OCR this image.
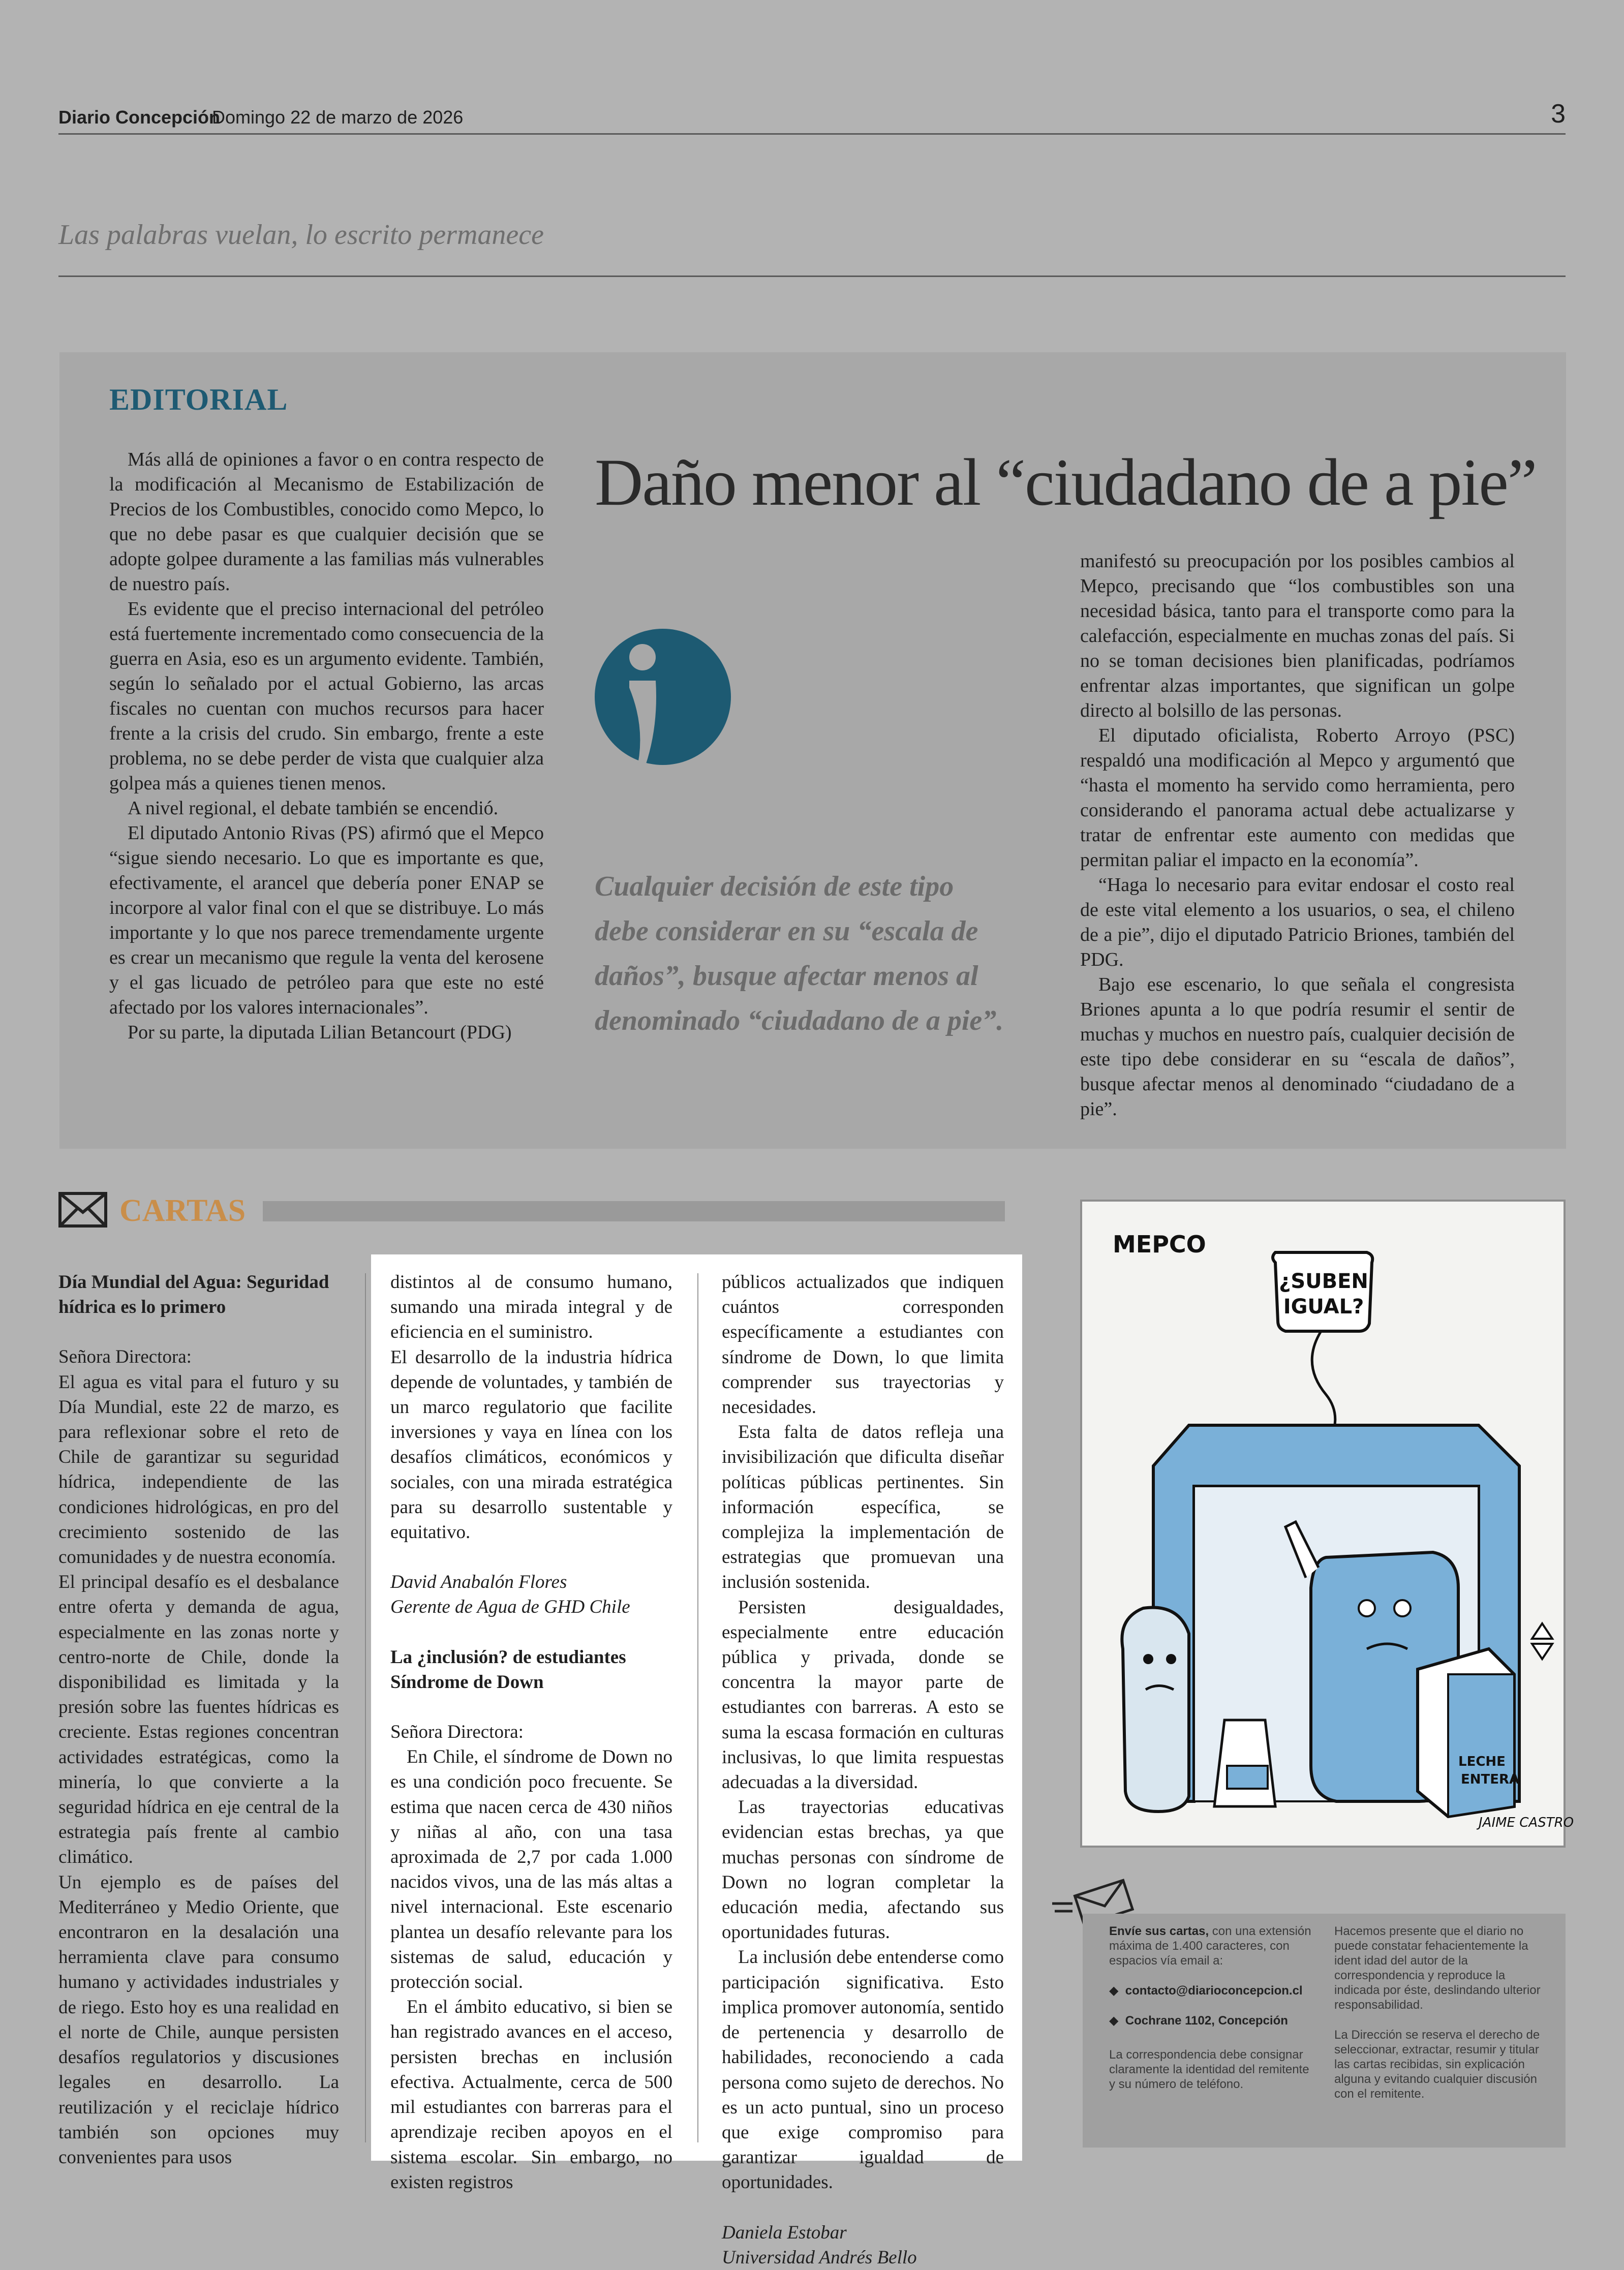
Diario Concepción
Domingo 22 de marzo de 2026	3
Las palabras vuelan, lo escrito permanece
EDITORIAL
Daño menor al “ciudadano de a pie”

Más allá de opiniones a favor o en contra respecto de la modificación al Mecanismo de Estabilización de Precios de los Combustibles, conocido como Mepco, lo que no debe pasar es que cualquier decisión que se adopte golpee duramente a las familias más vulnerables de nuestro país.

Es evidente que el preciso internacional del petróleo está fuertemente incrementado como consecuencia de la guerra en Asia, eso es un argumento evidente. También, según lo señalado por el actual Gobierno, las arcas fiscales no cuentan con muchos recursos para hacer frente a la crisis del crudo. Sin embargo, frente a este problema, no se debe perder de vista que cualquier alza golpea más a quienes tienen menos.

A nivel regional, el debate también se encendió.

El diputado Antonio Rivas (PS) afirmó que el Mepco “sigue siendo necesario. Lo que es importante es que, efectivamente, el arancel que debería poner ENAP se incorpore al valor final con el que se distribuye. Lo más importante y lo que nos parece tremendamente urgente es crear un mecanismo que regule la venta del kerosene y el gas licuado de petróleo para que este no esté afectado por los valores internacionales”.

Por su parte, la diputada Lilian Betancourt (PDG)

Cualquier decisión de este tipo debe considerar en su “escala de daños”, busque afectar menos al denominado “ciudadano de a pie”.

manifestó su preocupación por los posibles cambios al Mepco, precisando que “los combustibles son una necesidad básica, tanto para el transporte como para la calefacción, especialmente en muchas zonas del país. Si no se toman decisiones bien planificadas, podríamos enfrentar alzas importantes, que significan un golpe directo al bolsillo de las personas.

El diputado oficialista, Roberto Arroyo (PSC) respaldó una modificación al Mepco y argumentó que “hasta el momento ha servido como herramienta, pero considerando el panorama actual debe actualizarse y tratar de enfrentar este aumento con medidas que permitan paliar el impacto en la economía”.

“Haga lo necesario para evitar endosar el costo real de este vital elemento a los usuarios, o sea, el chileno de a pie”, dijo el diputado Patricio Briones, también del PDG.

Bajo ese escenario, lo que señala el congresista Briones apunta a lo que podría resumir el sentir de muchas y muchos en nuestro país, cualquier decisión de este tipo debe considerar en su “escala de daños”, busque afectar menos al denominado “ciudadano de a pie”.

CARTAS

Día Mundial del Agua: Seguridad hídrica es lo primero

Señora Directora:

El agua es vital para el futuro y su Día Mundial, este 22 de marzo, es para reflexionar sobre el reto de Chile de garantizar su seguridad hídrica, independiente de las condiciones hidrológicas, en pro del crecimiento sostenido de las comunidades y de nuestra economía.

El principal desafío es el desbalance entre oferta y demanda de agua, especialmente en las zonas norte y centro-norte de Chile, donde la disponibilidad es limitada y la presión sobre las fuentes hídricas es creciente. Estas regiones concentran actividades estratégicas, como la minería, lo que convierte a la seguridad hídrica en eje central de la estrategia país frente al cambio climático.

Un ejemplo es de países del Mediterráneo y Medio Oriente, que encontraron en la desalación una herramienta clave para consumo humano y actividades industriales y de riego. Esto hoy es una realidad en el norte de Chile, aunque persisten desafíos regulatorios y discusiones legales en desarrollo. La reutilización y el reciclaje hídrico también son opciones muy convenientes para usos

distintos al de consumo humano, sumando una mirada integral y de eficiencia en el suministro.

El desarrollo de la industria hídrica depende de voluntades, y también de un marco regulatorio que facilite inversiones y vaya en línea con los desafíos climáticos, económicos y sociales, con una mirada estratégica para su desarrollo sustentable y equitativo.

David Anabalón Flores

Gerente de Agua de GHD Chile

La ¿inclusión? de estudiantes Síndrome de Down

Señora Directora:

En Chile, el síndrome de Down no es una condición poco frecuente. Se estima que nacen cerca de 430 niños y niñas al año, con una tasa aproximada de 2,7 por cada 1.000 nacidos vivos, una de las más altas a nivel internacional. Este escenario plantea un desafío relevante para los sistemas de salud, educación y protección social.

En el ámbito educativo, si bien se han registrado avances en el acceso, persisten brechas en inclusión efectiva. Actualmente, cerca de 500 mil estudiantes con barreras para el aprendizaje reciben apoyos en el sistema escolar. Sin embargo, no existen registros

públicos actualizados que indiquen cuántos corresponden específicamente a estudiantes con síndrome de Down, lo que limita comprender sus trayectorias y necesidades.

Esta falta de datos refleja una invisibilización que dificulta diseñar políticas públicas pertinentes. Sin información específica, se complejiza la implementación de estrategias que promuevan una inclusión sostenida.

Persisten desigualdades, especialmente entre educación pública y privada, donde se concentra la mayor parte de estudiantes con barreras. A esto se suma la escasa formación en culturas inclusivas, lo que limita respuestas adecuadas a la diversidad.

Las trayectorias educativas evidencian estas brechas, ya que muchas personas con síndrome de Down no logran completar la educación media, afectando sus oportunidades futuras.

La inclusión debe entenderse como participación significativa. Esto implica promover autonomía, sentido de pertenencia y desarrollo de habilidades, reconociendo a cada persona como sujeto de derechos. No es un acto puntual, sino un proceso que exige compromiso para garantizar igualdad de oportunidades.

Daniela Estobar

Universidad Andrés Bello

MEPCO
¿SUBEN
IGUAL?
LECHE
ENTERA
JAIME CASTRO
Envíe sus cartas, con una extensión máxima de 1.400 caracteres, con espacios vía email a:
◆  contacto@diarioconcepcion.cl
◆  Cochrane 1102, Concepción
La correspondencia debe consignar claramente la identidad del remitente y su número de teléfono.
Hacemos presente que el diario no puede constatar fehacientemente la ident idad del autor de la correspondencia y reproduce la indicada por éste, deslindando ulterior responsabilidad.
La Dirección se reserva el derecho de seleccionar, extractar, resumir y titular las cartas recibidas, sin explicación alguna y evitando cualquier discusión con el remitente.
